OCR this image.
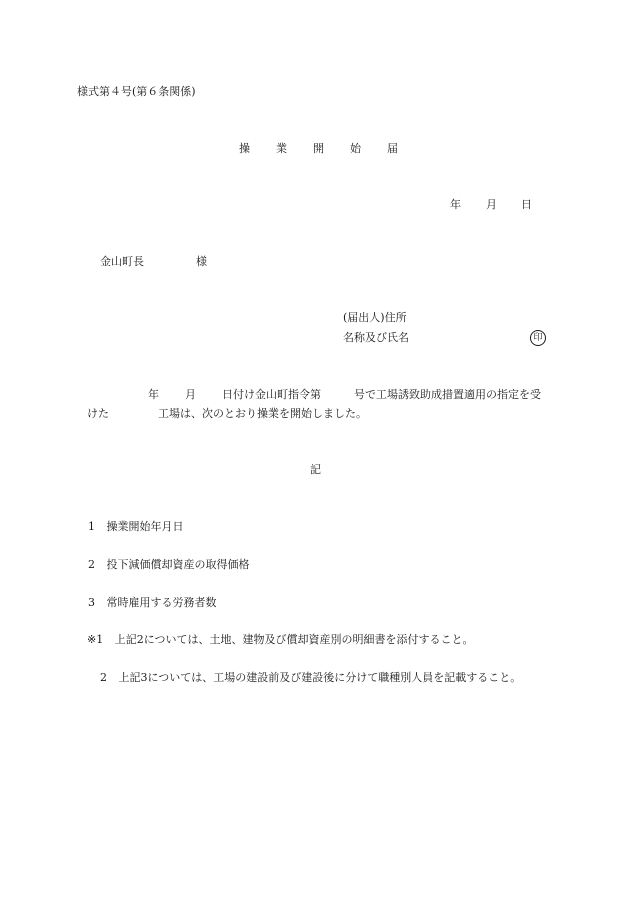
様式第４号(第６条関係)
操 業 開 始 届
年 月 日
金山町長	様
(届出人)住所
名称及び氏名	印
年 月 日付け金山町指令第	号で工場誘致助成措置適用の指定を受
けた	工場は、次のとおり操業を開始しました。
記
1 操業開始年月日
2 投下減価償却資産の取得価格
3 常時雇用する労務者数
※1 上記2については、土地、建物及び償却資産別の明細書を添付すること。
2 上記3については、工場の建設前及び建設後に分けて職種別人員を記載すること。
